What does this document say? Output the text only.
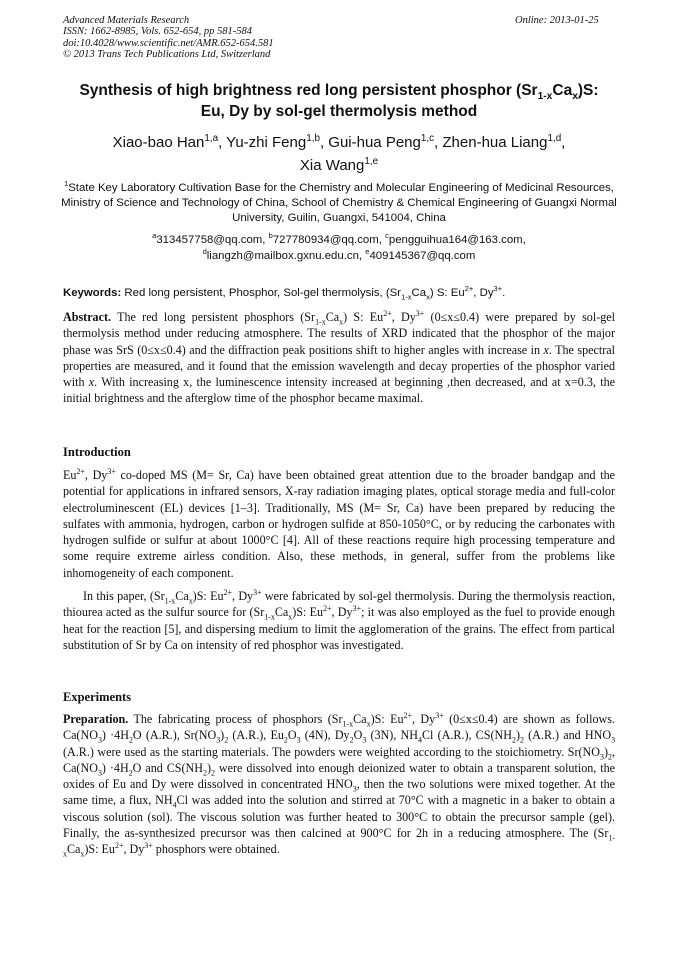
Advanced Materials Research
ISSN: 1662-8985, Vols. 652-654, pp 581-584
doi:10.4028/www.scientific.net/AMR.652-654.581
© 2013 Trans Tech Publications Ltd, Switzerland
Online: 2013-01-25
Synthesis of high brightness red long persistent phosphor $(Sr_{1-x}Ca_x)S$:
Eu, Dy by sol-gel thermolysis method
Xiao-bao Han$^{1,a}$, Yu-zhi Feng$^{1,b}$, Gui-hua Peng$^{1,c}$, Zhen-hua Liang$^{1,d}$,
Xia Wang$^{1,e}$
$^1$State Key Laboratory Cultivation Base for the Chemistry and Molecular Engineering of Medicinal Resources, Ministry of Science and Technology of China, School of Chemistry & Chemical Engineering of Guangxi Normal University, Guilin, Guangxi, 541004, China
$^a$313457758@qq.com, $^b$727780934@qq.com, $^c$pengguihua164@163.com,
$^d$liangzh@mailbox.gxnu.edu.cn, $^e$409145367@qq.com
Keywords: Red long persistent, Phosphor, Sol-gel thermolysis, $(Sr_{1-x}Ca_x)$ S: $Eu^{2+}$, $Dy^{3+}$.
Abstract. The red long persistent phosphors $(Sr_{1-x}Ca_x)$ S: $Eu^{2+}$, $Dy^{3+}$ (0≤x≤0.4) were prepared by sol-gel thermolysis method under reducing atmosphere. The results of XRD indicated that the phosphor of the major phase was SrS (0≤x≤0.4) and the diffraction peak positions shift to higher angles with increase in x. The spectral properties are measured, and it found that the emission wavelength and decay properties of the phosphor varied with x. With increasing x, the luminescence intensity increased at beginning ,then decreased, and at x=0.3, the initial brightness and the afterglow time of the phosphor became maximal.
Introduction
$Eu^{2+}$, $Dy^{3+}$ co-doped MS (M= Sr, Ca) have been obtained great attention due to the broader bandgap and the potential for applications in infrared sensors, X-ray radiation imaging plates, optical storage media and full-color electroluminescent (EL) devices [1–3]. Traditionally, MS (M= Sr, Ca) have been prepared by reducing the sulfates with ammonia, hydrogen, carbon or hydrogen sulfide at 850-1050°C, or by reducing the carbonates with hydrogen sulfide or sulfur at about 1000°C [4]. All of these reactions require high processing temperature and some require extreme airless condition. Also, these methods, in general, suffer from the problems like inhomogeneity of each component.
In this paper, $(Sr_{1-x}Ca_x)S$: $Eu^{2+}$, $Dy^{3+}$ were fabricated by sol-gel thermolysis. During the thermolysis reaction, thiourea acted as the sulfur source for $(Sr_{1-x}Ca_x)S$: $Eu^{2+}$, $Dy^{3+}$; it was also employed as the fuel to provide enough heat for the reaction [5], and dispersing medium to limit the agglomeration of the grains. The effect from partical substitution of Sr by Ca on intensity of red phosphor was investigated.
Experiments
Preparation. The fabricating process of phosphors $(Sr_{1-x}Ca_x)S$: $Eu^{2+}$, $Dy^{3+}$ (0≤x≤0.4) are shown as follows. $Ca(NO_3) \cdot 4H_2O$ (A.R.), $Sr(NO_3)_2$ (A.R.), $Eu_2O_3$ (4N), $Dy_2O_3$ (3N), $NH_4Cl$ (A.R.), $CS(NH_2)_2$ (A.R.) and $HNO_3$ (A.R.) were used as the starting materials. The powders were weighted according to the stoichiometry. $Sr(NO_3)_2$, $Ca(NO_3) \cdot 4H_2O$ and $CS(NH_2)_2$ were dissolved into enough deionized water to obtain a transparent solution, the oxides of Eu and Dy were dissolved in concentrated $HNO_3$, then the two solutions were mixed together. At the same time, a flux, $NH_4Cl$ was added into the solution and stirred at 70°C with a magnetic in a baker to obtain a viscous solution (sol). The viscous solution was further heated to 300°C to obtain the precursor sample (gel). Finally, the as-synthesized precursor was then calcined at 900°C for 2h in a reducing atmosphere. The $(Sr_{1-x}Ca_x)S$: $Eu^{2+}$, $Dy^{3+}$ phosphors were obtained.
